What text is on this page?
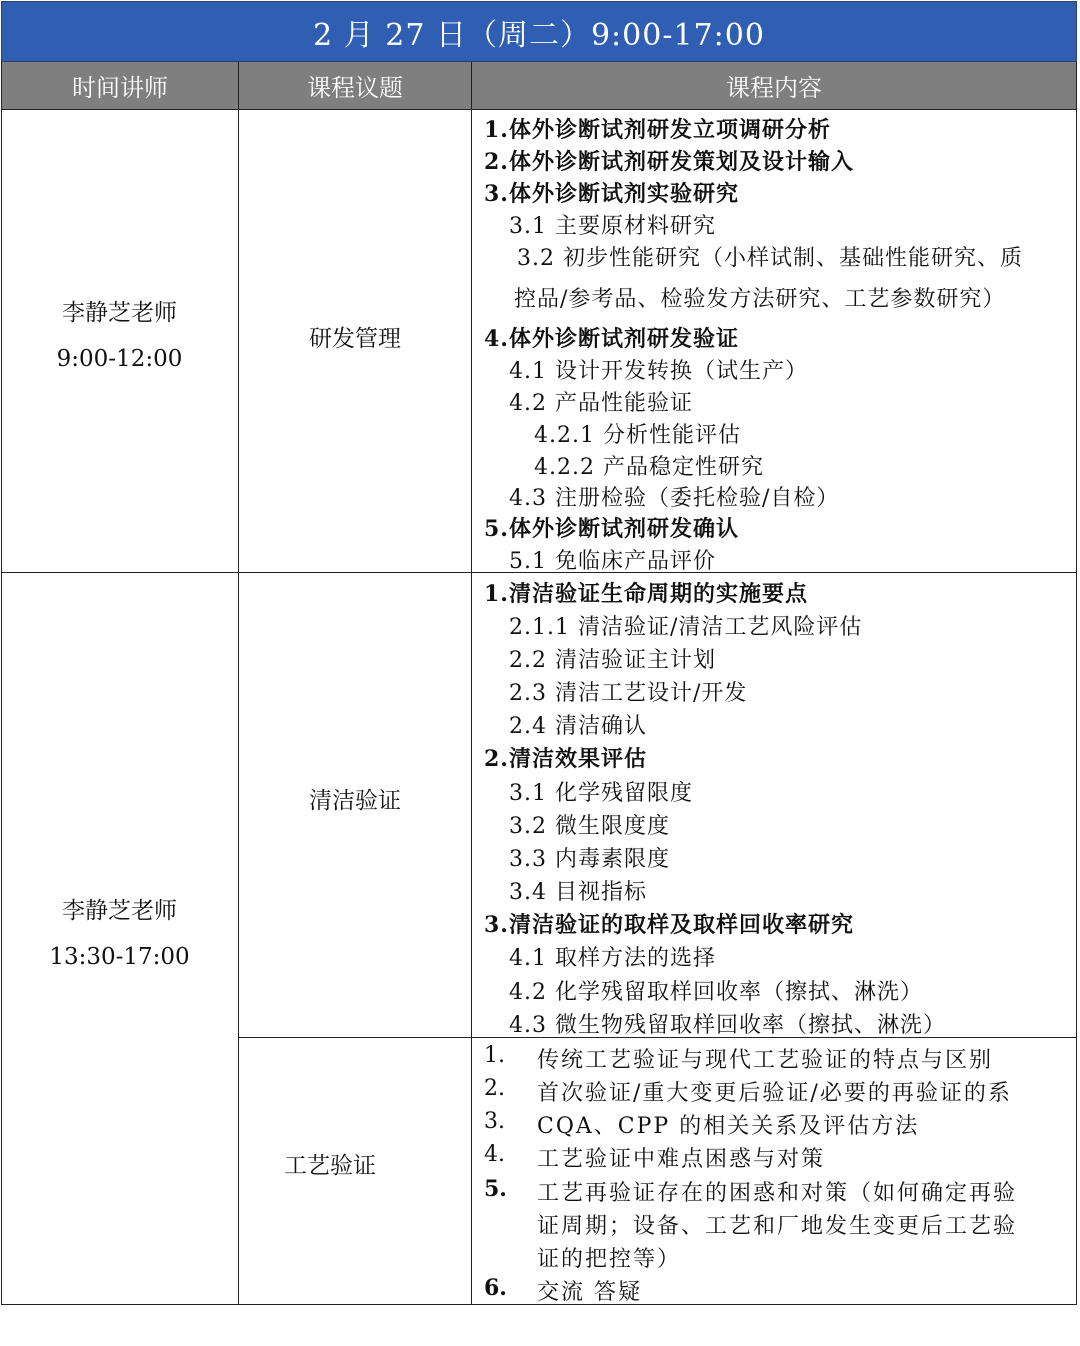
2 月 27 日（周二）9:00-17:00
时间讲师	课程议题	课程内容
李静芝老师
9:00-12:00
研发管理
1.体外诊断试剂研发立项调研分析
2.体外诊断试剂研发策划及设计输入
3.体外诊断试剂实验研究
3.1 主要原材料研究
3.2 初步性能研究（小样试制、基础性能研究、质
控品/参考品、检验发方法研究、工艺参数研究）
4.体外诊断试剂研发验证
4.1 设计开发转换（试生产）
4.2 产品性能验证
4.2.1 分析性能评估
4.2.2 产品稳定性研究
4.3 注册检验（委托检验/自检）
5.体外诊断试剂研发确认
5.1 免临床产品评价
李静芝老师
13:30-17:00
清洁验证
1.清洁验证生命周期的实施要点
2.1.1 清洁验证/清洁工艺风险评估
2.2 清洁验证主计划
2.3 清洁工艺设计/开发
2.4 清洁确认
2.清洁效果评估
3.1 化学残留限度
3.2 微生限度度
3.3 内毒素限度
3.4 目视指标
3.清洁验证的取样及取样回收率研究
4.1 取样方法的选择
4.2 化学残留取样回收率（擦拭、淋洗）
4.3 微生物残留取样回收率（擦拭、淋洗）
工艺验证
1. 传统工艺验证与现代工艺验证的特点与区别
2. 首次验证/重大变更后验证/必要的再验证的系
3. CQA、CPP 的相关关系及评估方法
4. 工艺验证中难点困惑与对策
5. 工艺再验证存在的困惑和对策（如何确定再验
证周期；设备、工艺和厂地发生变更后工艺验
证的把控等）
6. 交流 答疑
